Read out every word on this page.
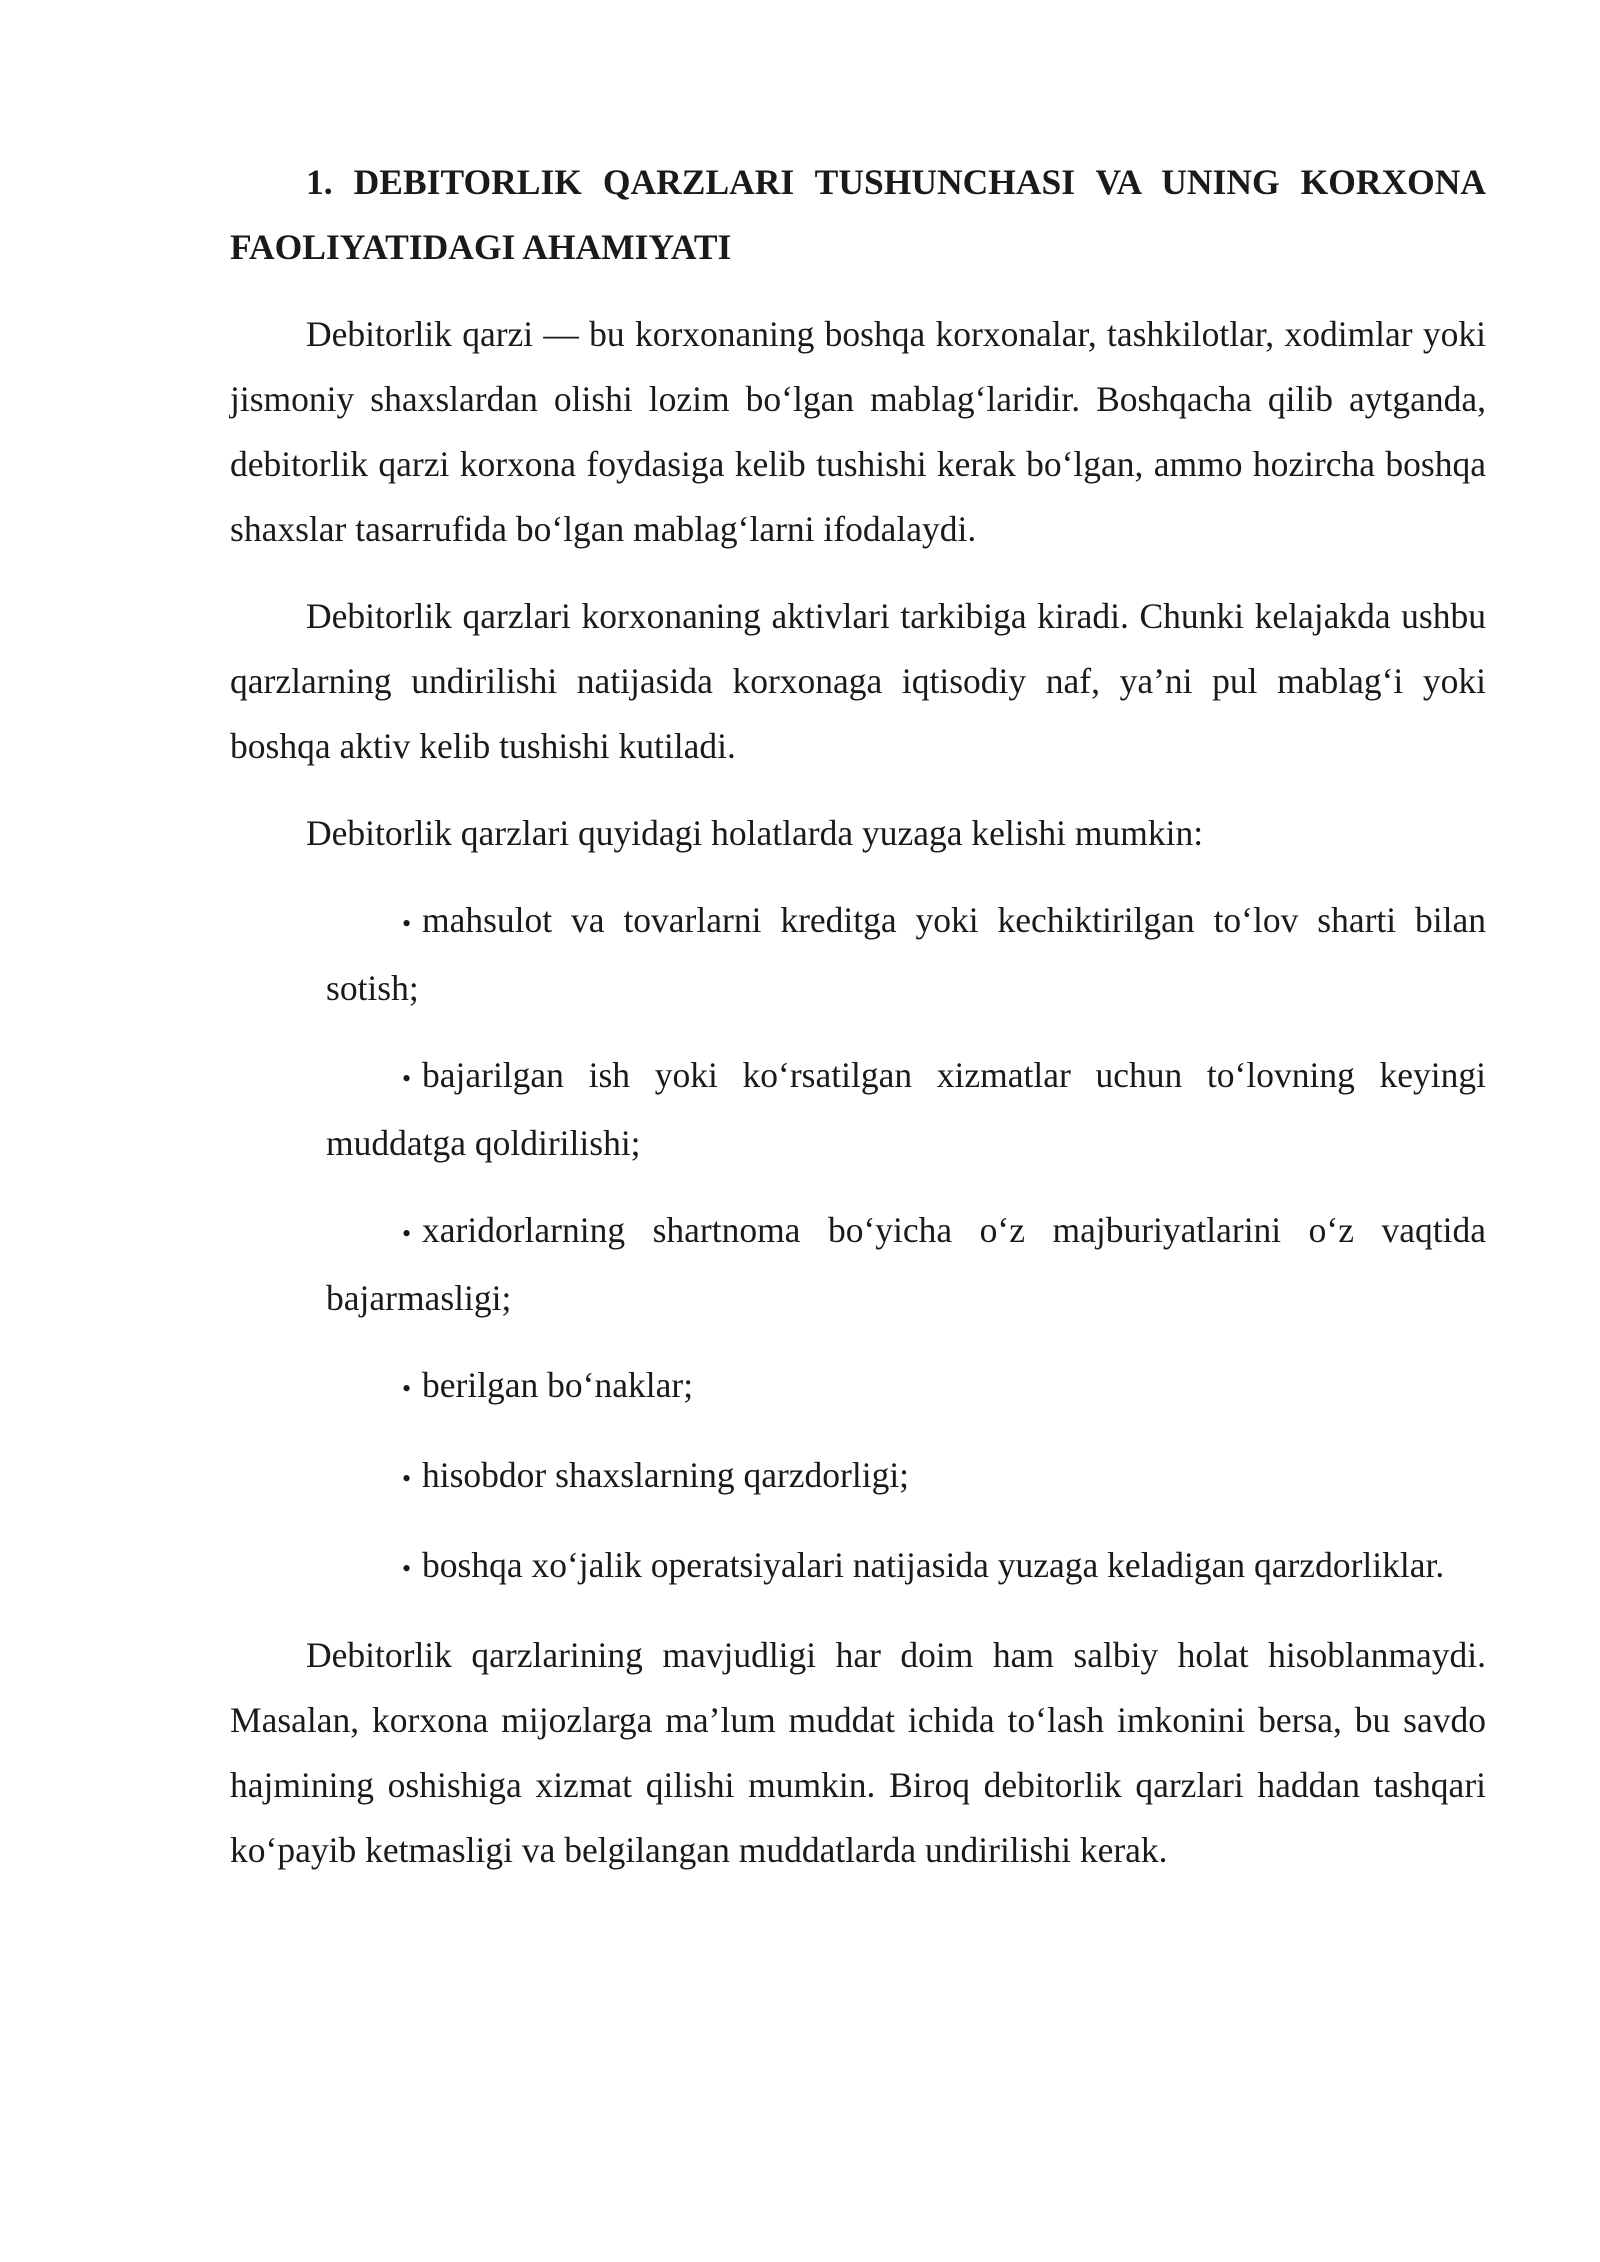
1. DEBITORLIK QARZLARI TUSHUNCHASI VA UNING KORXONA FAOLIYATIDAGI AHAMIYATI

Debitorlik qarzi — bu korxonaning boshqa korxonalar, tashkilotlar, xodimlar yoki jismoniy shaxslardan olishi lozim bo‘lgan mablag‘laridir. Boshqacha qilib aytganda, debitorlik qarzi korxona foydasiga kelib tushishi kerak bo‘lgan, ammo hozircha boshqa shaxslar tasarrufida bo‘lgan mablag‘larni ifodalaydi.

Debitorlik qarzlari korxonaning aktivlari tarkibiga kiradi. Chunki kelajakda ushbu qarzlarning undirilishi natijasida korxonaga iqtisodiy naf, ya’ni pul mablag‘i yoki boshqa aktiv kelib tushishi kutiladi.

Debitorlik qarzlari quyidagi holatlarda yuzaga kelishi mumkin:

• mahsulot va tovarlarni kreditga yoki kechiktirilgan to‘lov sharti bilan sotish;
• bajarilgan ish yoki ko‘rsatilgan xizmatlar uchun to‘lovning keyingi muddatga qoldirilishi;
• xaridorlarning shartnoma bo‘yicha o‘z majburiyatlarini o‘z vaqtida bajarmasligi;
• berilgan bo‘naklar;
• hisobdor shaxslarning qarzdorligi;
• boshqa xo‘jalik operatsiyalari natijasida yuzaga keladigan qarzdorliklar.

Debitorlik qarzlarining mavjudligi har doim ham salbiy holat hisoblanmaydi. Masalan, korxona mijozlarga ma’lum muddat ichida to‘lash imkonini bersa, bu savdo hajmining oshishiga xizmat qilishi mumkin. Biroq debitorlik qarzlari haddan tashqari ko‘payib ketmasligi va belgilangan muddatlarda undirilishi kerak.
